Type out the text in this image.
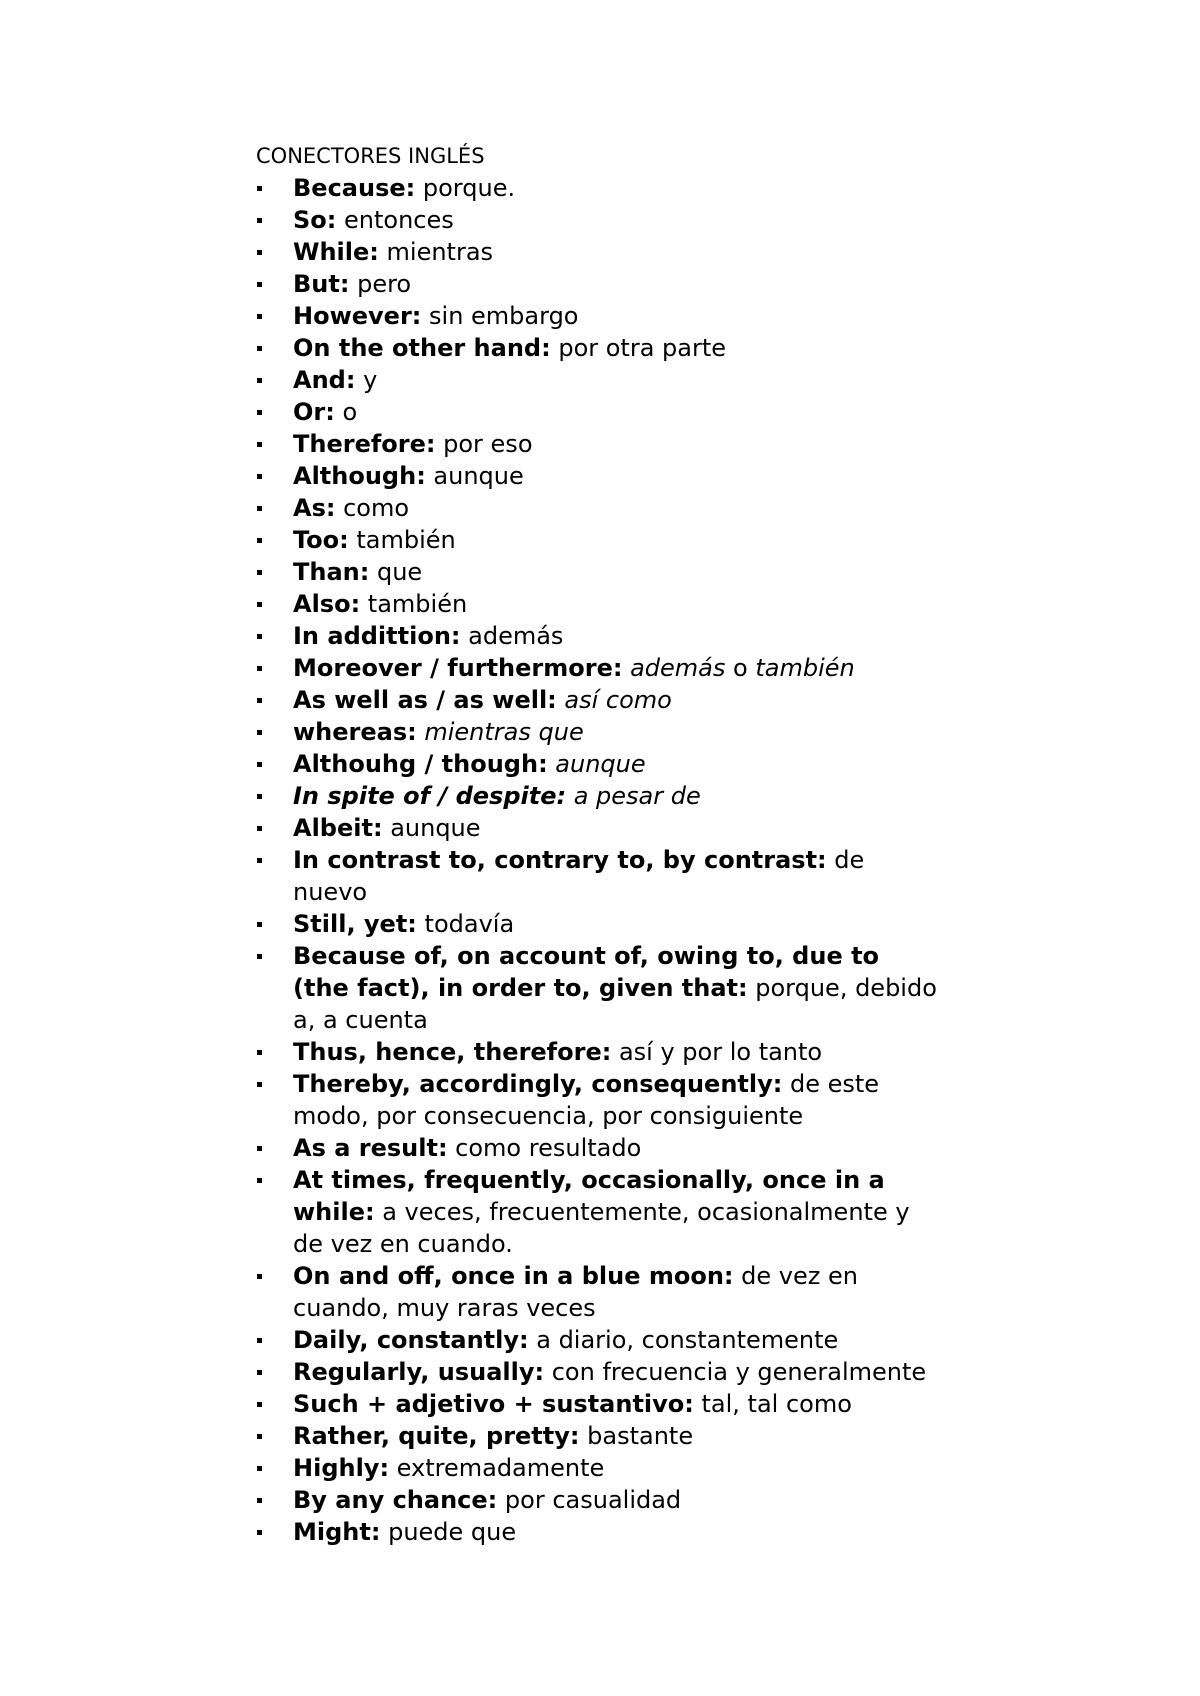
CONECTORES INGLÉS
Because: porque.
So: entonces
While: mientras
But: pero
However: sin embargo
On the other hand: por otra parte
And: y
Or: o
Therefore: por eso
Although: aunque
As: como
Too: también
Than: que
Also: también
In addittion: además
Moreover / furthermore: además o también
As well as / as well: así como
whereas: mientras que
Althouhg / though: aunque
In spite of / despite: a pesar de
Albeit: aunque
In contrast to, contrary to, by contrast: de
nuevo
Still, yet: todavía
Because of, on account of, owing to, due to
(the fact), in order to, given that: porque, debido
a, a cuenta
Thus, hence, therefore: así y por lo tanto
Thereby, accordingly, consequently: de este
modo, por consecuencia, por consiguiente
As a result: como resultado
At times, frequently, occasionally, once in a
while: a veces, frecuentemente, ocasionalmente y
de vez en cuando.
On and off, once in a blue moon: de vez en
cuando, muy raras veces
Daily, constantly: a diario, constantemente
Regularly, usually: con frecuencia y generalmente
Such + adjetivo + sustantivo: tal, tal como
Rather, quite, pretty: bastante
Highly: extremadamente
By any chance: por casualidad
Might: puede que
